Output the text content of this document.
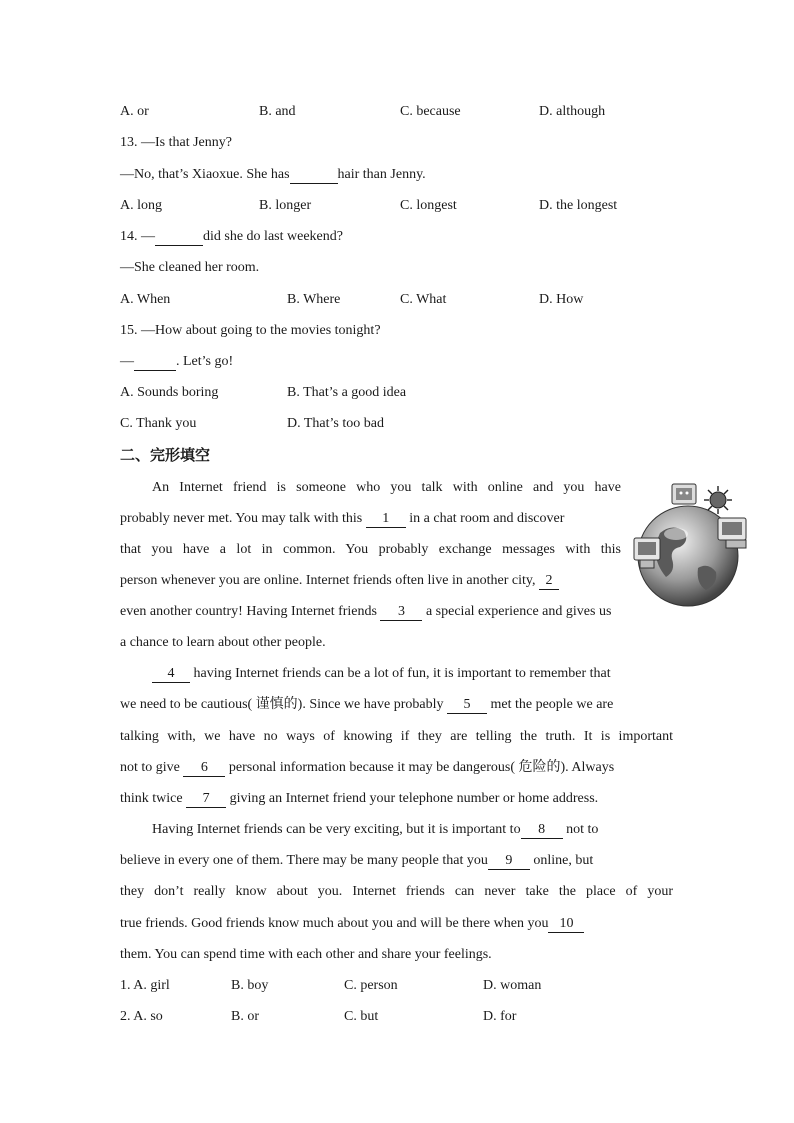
A. or	B. and	C. because	D. although
13. —Is that Jenny?
—No, that’s Xiaoxue. She has	hair than Jenny.
A. long	B. longer	C. longest	D. the longest
14. —	did she do last weekend?
—She cleaned her room.
A. When	B. Where	C. What	D. How
15. —How about going to the movies tonight?
—	. Let’s go!
A. Sounds boring	B. That’s a good idea
C. Thank you	D. That’s too bad
二、完形填空
An Internet friend is someone who you talk with online and you have
probably never met. You may talk with this 1 in a chat room and discover
that you have a lot in common. You probably exchange messages with this
person whenever you are online. Internet friends often live in another city, 2
even another country! Having Internet friends 3 a special experience and gives us
a chance to learn about other people.
4 having Internet friends can be a lot of fun, it is important to remember that
we need to be cautious( 谨慎的). Since we have probably 5 met the people we are
talking with, we have no ways of knowing if they are telling the truth. It is important
not to give 6 personal information because it may be dangerous( 危险的). Always
think twice 7 giving an Internet friend your telephone number or home address.
Having Internet friends can be very exciting, but it is important to 8 not to
believe in every one of them. There may be many people that you 9 online, but
they don’t really know about you. Internet friends can never take the place of your
true friends. Good friends know much about you and will be there when you 10
them. You can spend time with each other and share your feelings.
1. A. girl	B. boy	C. person	D. woman
2. A. so	B. or	C. but	D. for
